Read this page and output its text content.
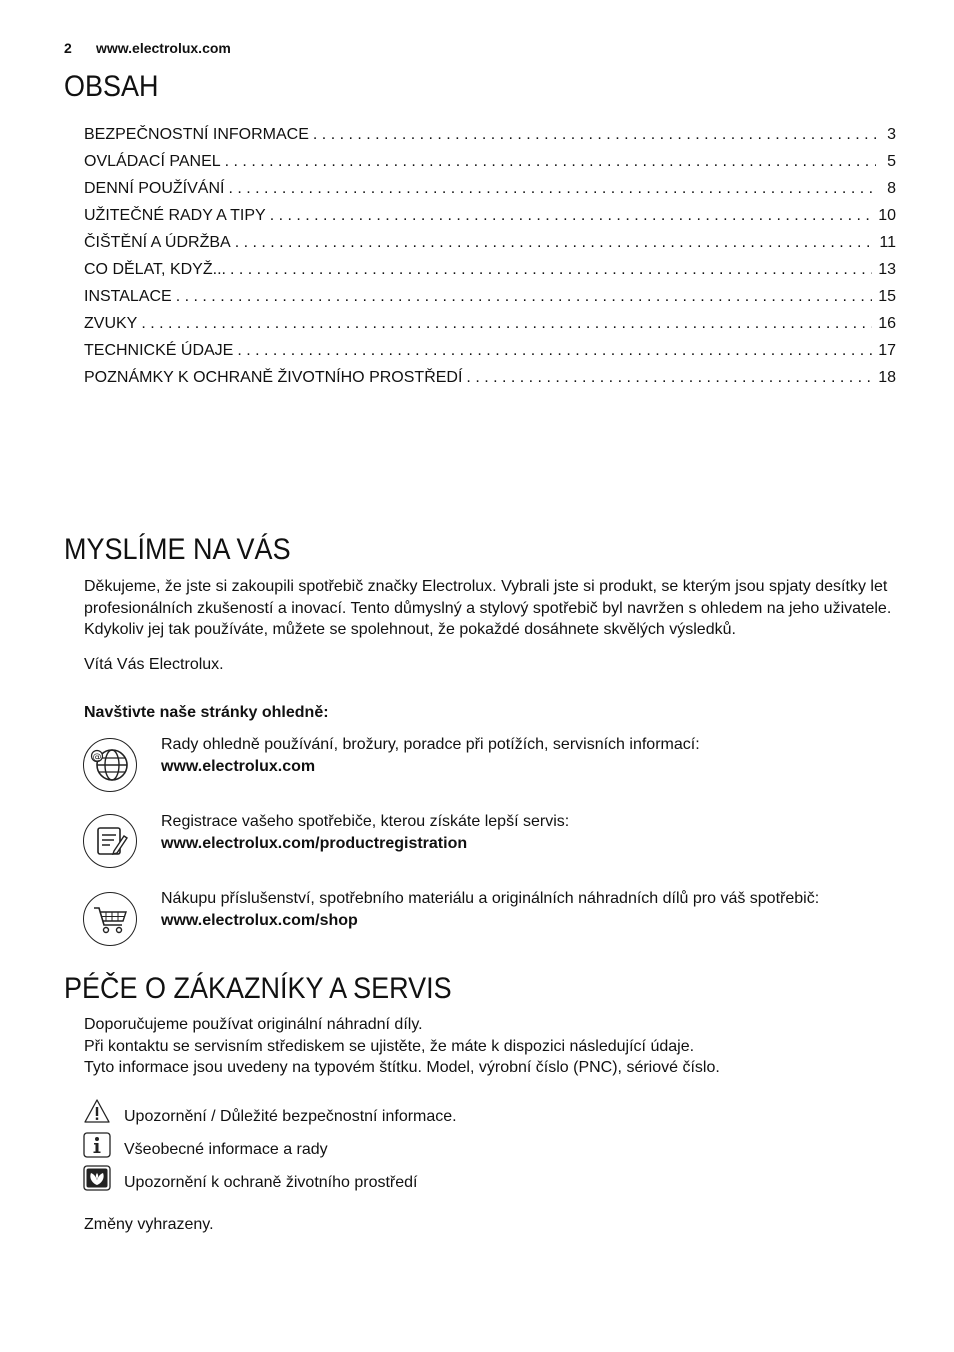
2 www.electrolux.com
OBSAH
BEZPEČNOSTNÍ INFORMACE . . .	3
OVLÁDACÍ PANEL . . .	5
DENNÍ POUŽÍVÁNÍ . . .	8
UŽITEČNÉ RADY A TIPY . . .	10
ČIŠTĚNÍ A ÚDRŽBA . . .	11
CO DĚLAT, KDYŽ... . . .	13
INSTALACE . . .	15
ZVUKY . . .	16
TECHNICKÉ ÚDAJE . . .	17
POZNÁMKY K OCHRANĚ ŽIVOTNÍHO PROSTŘEDÍ . . .	18
MYSLÍME NA VÁS

Děkujeme, že jste si zakoupili spotřebič značky Electrolux. Vybrali jste si produkt, se kterým jsou spjaty desítky let profesionálních zkušeností a inovací. Tento důmyslný a stylový spotřebič byl navržen s ohledem na jeho uživatele. Kdykoliv jej tak používáte, můžete se spolehnout, že pokaždé dosáhnete skvělých výsledků.

Vítá Vás Electrolux.

Navštivte naše stránky ohledně:

@
Rady ohledně používání, brožury, poradce při potížích, servisních informací:
www.electrolux.com
Registrace vašeho spotřebiče, kterou získáte lepší servis:
www.electrolux.com/productregistration
Nákupu příslušenství, spotřebního materiálu a originálních náhradních dílů pro váš spotřebič:
www.electrolux.com/shop
PÉČE O ZÁKAZNÍKY A SERVIS
Doporučujeme používat originální náhradní díly.
Při kontaktu se servisním střediskem se ujistěte, že máte k dispozici následující údaje.
Tyto informace jsou uvedeny na typovém štítku. Model, výrobní číslo (PNC), sériové číslo.
Upozornění / Důležité bezpečnostní informace.
Všeobecné informace a rady
Upozornění k ochraně životního prostředí

Změny vyhrazeny.
